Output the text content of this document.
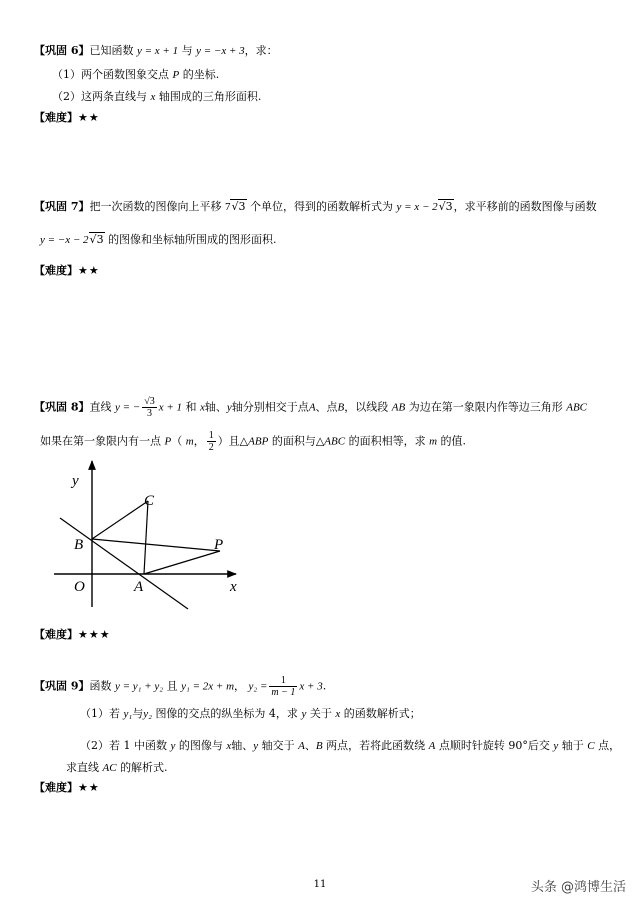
【巩固 6】已知函数 y = x + 1 与 y = −x + 3，求：
（1）两个函数图象交点 P 的坐标.
（2）这两条直线与 x 轴围成的三角形面积.
【难度】★★
【巩固 7】把一次函数的图像向上平移 7√3 个单位，得到的函数解析式为 y = x − 2√3，求平移前的函数图像与函数
y = −x − 2√3 的图像和坐标轴所围成的图形面积.
【难度】★★
【巩固 8】直线 y = − $\frac{√3}{3}$ x + 1 和 x轴、y轴分别相交于点A、点B，以线段 AB 为边在第一象限内作等边三角形 ABC
如果在第一象限内有一点 P（ m， $\frac{1}{2}$ ）且△ABP 的面积与△ABC 的面积相等，求 m 的值.
y
x
O	A
B
C
P
【难度】★★★
【巩固 9】函数 y = y₁ + y₂ 且 y₁ = 2x + m， $y_2 = \frac{1}{m - 1}$ x + 3.
（1）若 y₁与y₂ 图像的交点的纵坐标为 4，求 y 关于 x 的函数解析式；
（2）若 1 中函数 y 的图像与 x轴、y 轴交于 A、B 两点，若将此函数绕 A 点顺时针旋转 90°后交 y 轴于 C 点，
求直线 AC 的解析式.
【难度】★★
11	头条 @鸿博生活
